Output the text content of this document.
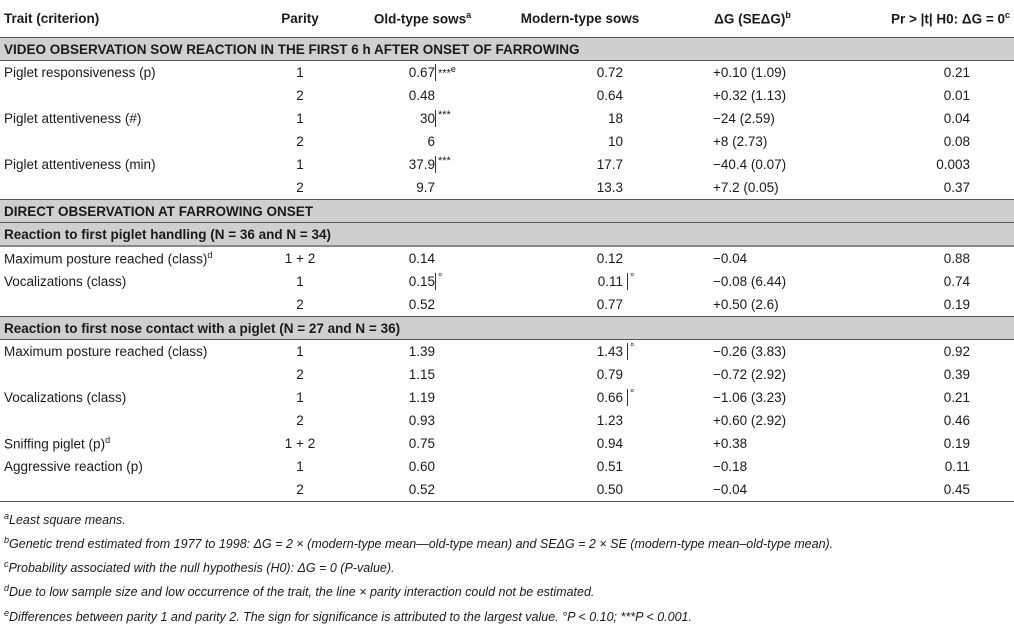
Trait (criterion)	Parity	Old-type sows$^a$	Modern-type sows	ΔG $(SE\Delta G)^b$	Pr > |t| H0: $\Delta G = 0^c$
VIDEO OBSERVATION SOW REACTION IN THE FIRST 6 h AFTER ONSET OF FARROWING					
Piglet responsiveness (p)	1	0.67 ***$^e$	0.72	+0.10 (1.09)	0.21
	2	0.48	0.64	+0.32 (1.13)	0.01
Piglet attentiveness (#)	1	30 ***	18	−24 (2.59)	0.04
	2	6	10	+8 (2.73)	0.08
Piglet attentiveness (min)	1	37.9 ***	17.7	−40.4 (0.07)	0.003
	2	9.7	13.3	+7.2 (0.05)	0.37
DIRECT OBSERVATION AT FARROWING ONSET					
Reaction to first piglet handling (N = 36 and N = 34)					
Maximum posture reached (class)$^d$	1 + 2	0.14	0.12	−0.04	0.88
Vocalizations (class)	1	0.15 °	0.11 °	−0.08 (6.44)	0.74
	2	0.52	0.77	+0.50 (2.6)	0.19
Reaction to first nose contact with a piglet (N = 27 and N = 36)					
Maximum posture reached (class)	1	1.39	1.43 °	−0.26 (3.83)	0.92
	2	1.15	0.79	−0.72 (2.92)	0.39
Vocalizations (class)	1	1.19	0.66 °	−1.06 (3.23)	0.21
	2	0.93	1.23	+0.60 (2.92)	0.46
Sniffing piglet $(p)^d$	1 + 2	0.75	0.94	+0.38	0.19
Aggressive reaction (p)	1	0.60	0.51	−0.18	0.11
	2	0.52	0.50	−0.04	0.45
$^a$Least square means.
$^b$Genetic trend estimated from 1977 to 1998: ΔG = 2 × (modern-type mean—old-type mean) and SEΔG = 2 × SE (modern-type mean–old-type mean).
$^c$Probability associated with the null hypothesis (H0): ΔG = 0 (P-value).
$^d$Due to low sample size and low occurrence of the trait, the line × parity interaction could not be estimated.
$^e$Differences between parity 1 and parity 2. The sign for significance is attributed to the largest value. °P < 0.10; ***P < 0.001.
